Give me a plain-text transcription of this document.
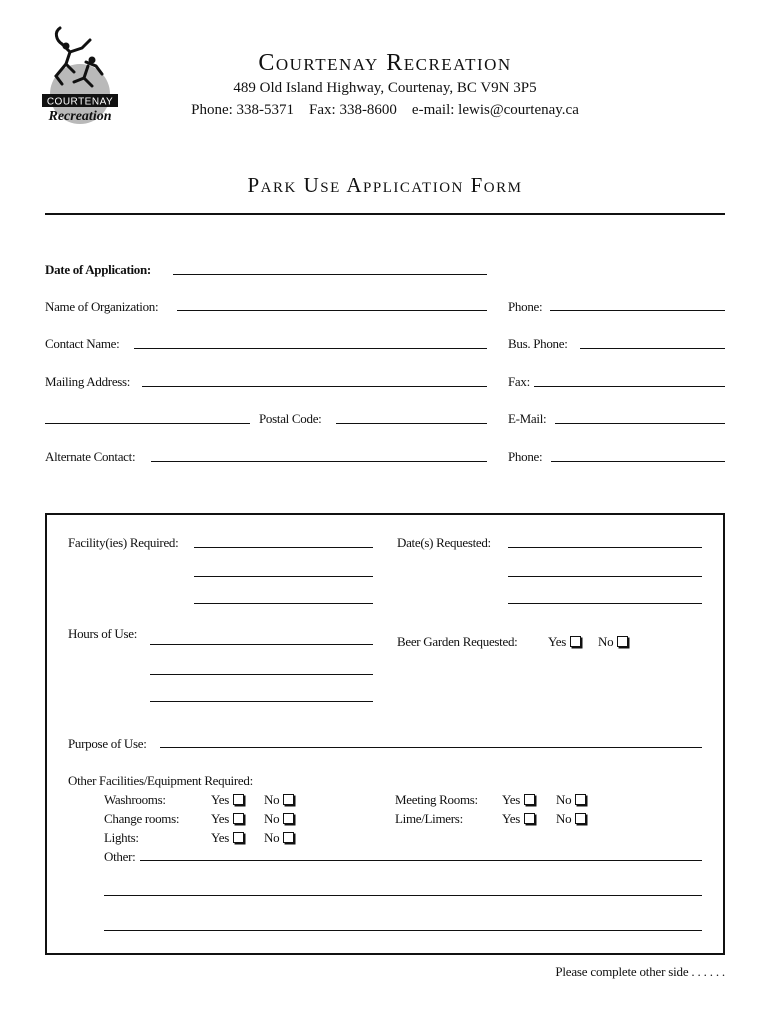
COURTENAY
Recreation
Courtenay Recreation
489 Old Island Highway, Courtenay, BC V9N 3P5
Phone: 338-5371    Fax: 338-8600    e-mail: lewis@courtenay.ca
Park Use Application Form
Date of Application:
Name of Organization:	Phone:
Contact Name:	Bus. Phone:
Mailing Address:	Fax:
Postal Code:	E-Mail:
Alternate Contact:	Phone:
Facility(ies) Required:	Date(s) Requested:
Hours of Use:
Beer Garden Requested: Yes	No
Purpose of Use:
Other Facilities/Equipment Required:
Washrooms:	Yes	No
Change rooms: Yes	No
Lights:	Yes	No
Meeting Rooms: Yes	No
Lime/Limers:	Yes	No
Other:
Please complete other side . . . . . .
